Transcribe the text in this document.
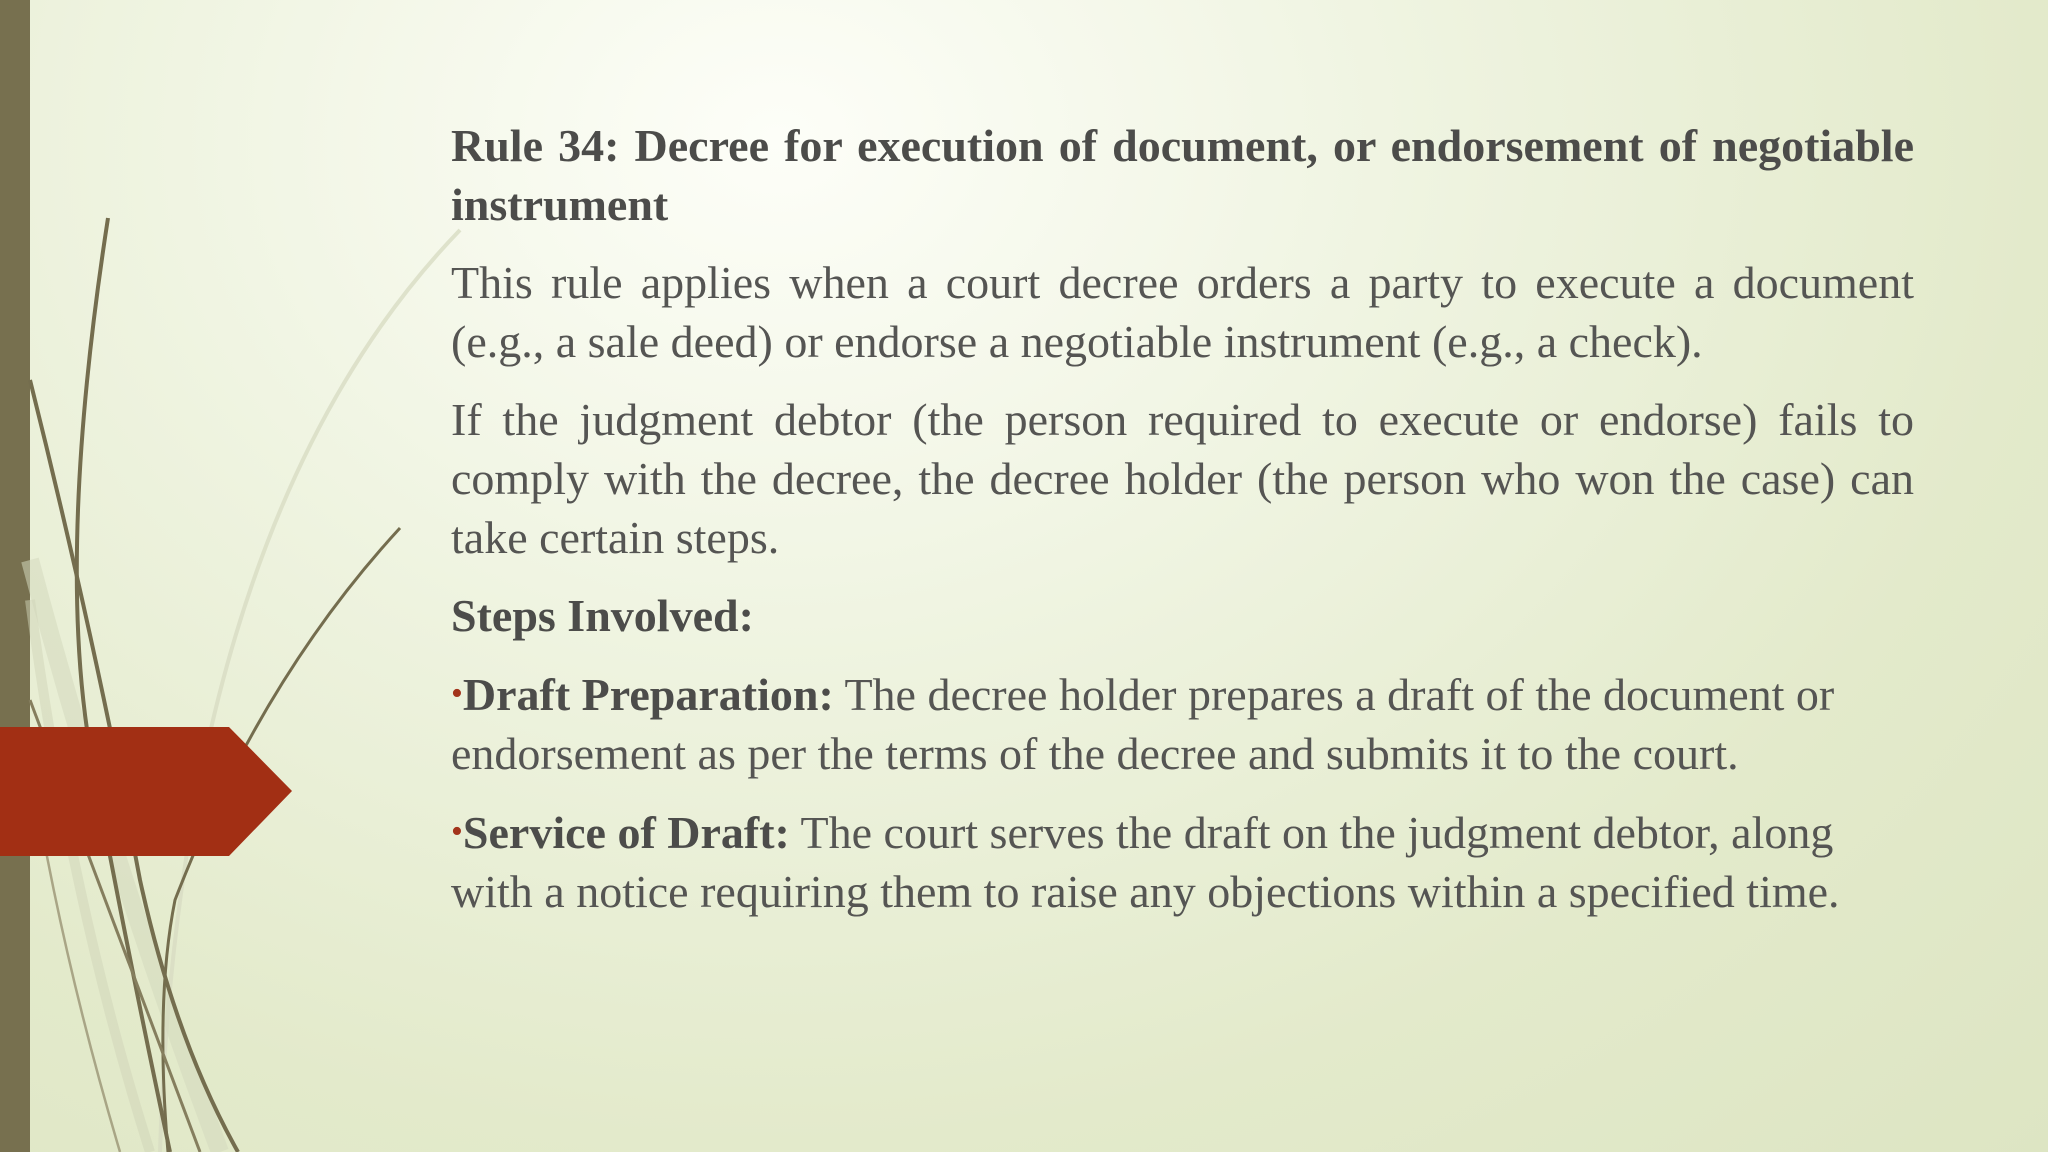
Rule 34: Decree for execution of document, or endorsement of negotiable instrument

This rule applies when a court decree orders a party to execute a document (e.g., a sale deed) or endorse a negotiable instrument (e.g., a check).

If the judgment debtor (the person required to execute or endorse) fails to comply with the decree, the decree holder (the person who won the case) can take certain steps.

Steps Involved:

•Draft Preparation: The decree holder prepares a draft of the document or endorsement as per the terms of the decree and submits it to the court.

•Service of Draft: The court serves the draft on the judgment debtor, along with a notice requiring them to raise any objections within a specified time.
